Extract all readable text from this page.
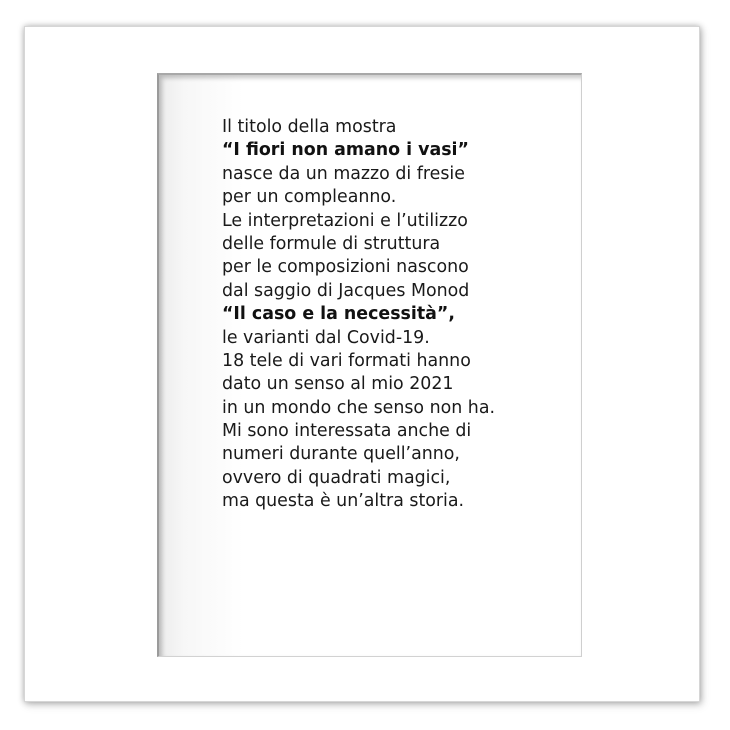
Il titolo della mostra
“I fiori non amano i vasi”
nasce da un mazzo di fresie
per un compleanno.
Le interpretazioni e l’utilizzo
delle formule di struttura
per le composizioni nascono
dal saggio di Jacques Monod
“Il caso e la necessità”,
le varianti dal Covid-19.
18 tele di vari formati hanno
dato un senso al mio 2021
in un mondo che senso non ha.
Mi sono interessata anche di
numeri durante quell’anno,
ovvero di quadrati magici,
ma questa è un’altra storia.
